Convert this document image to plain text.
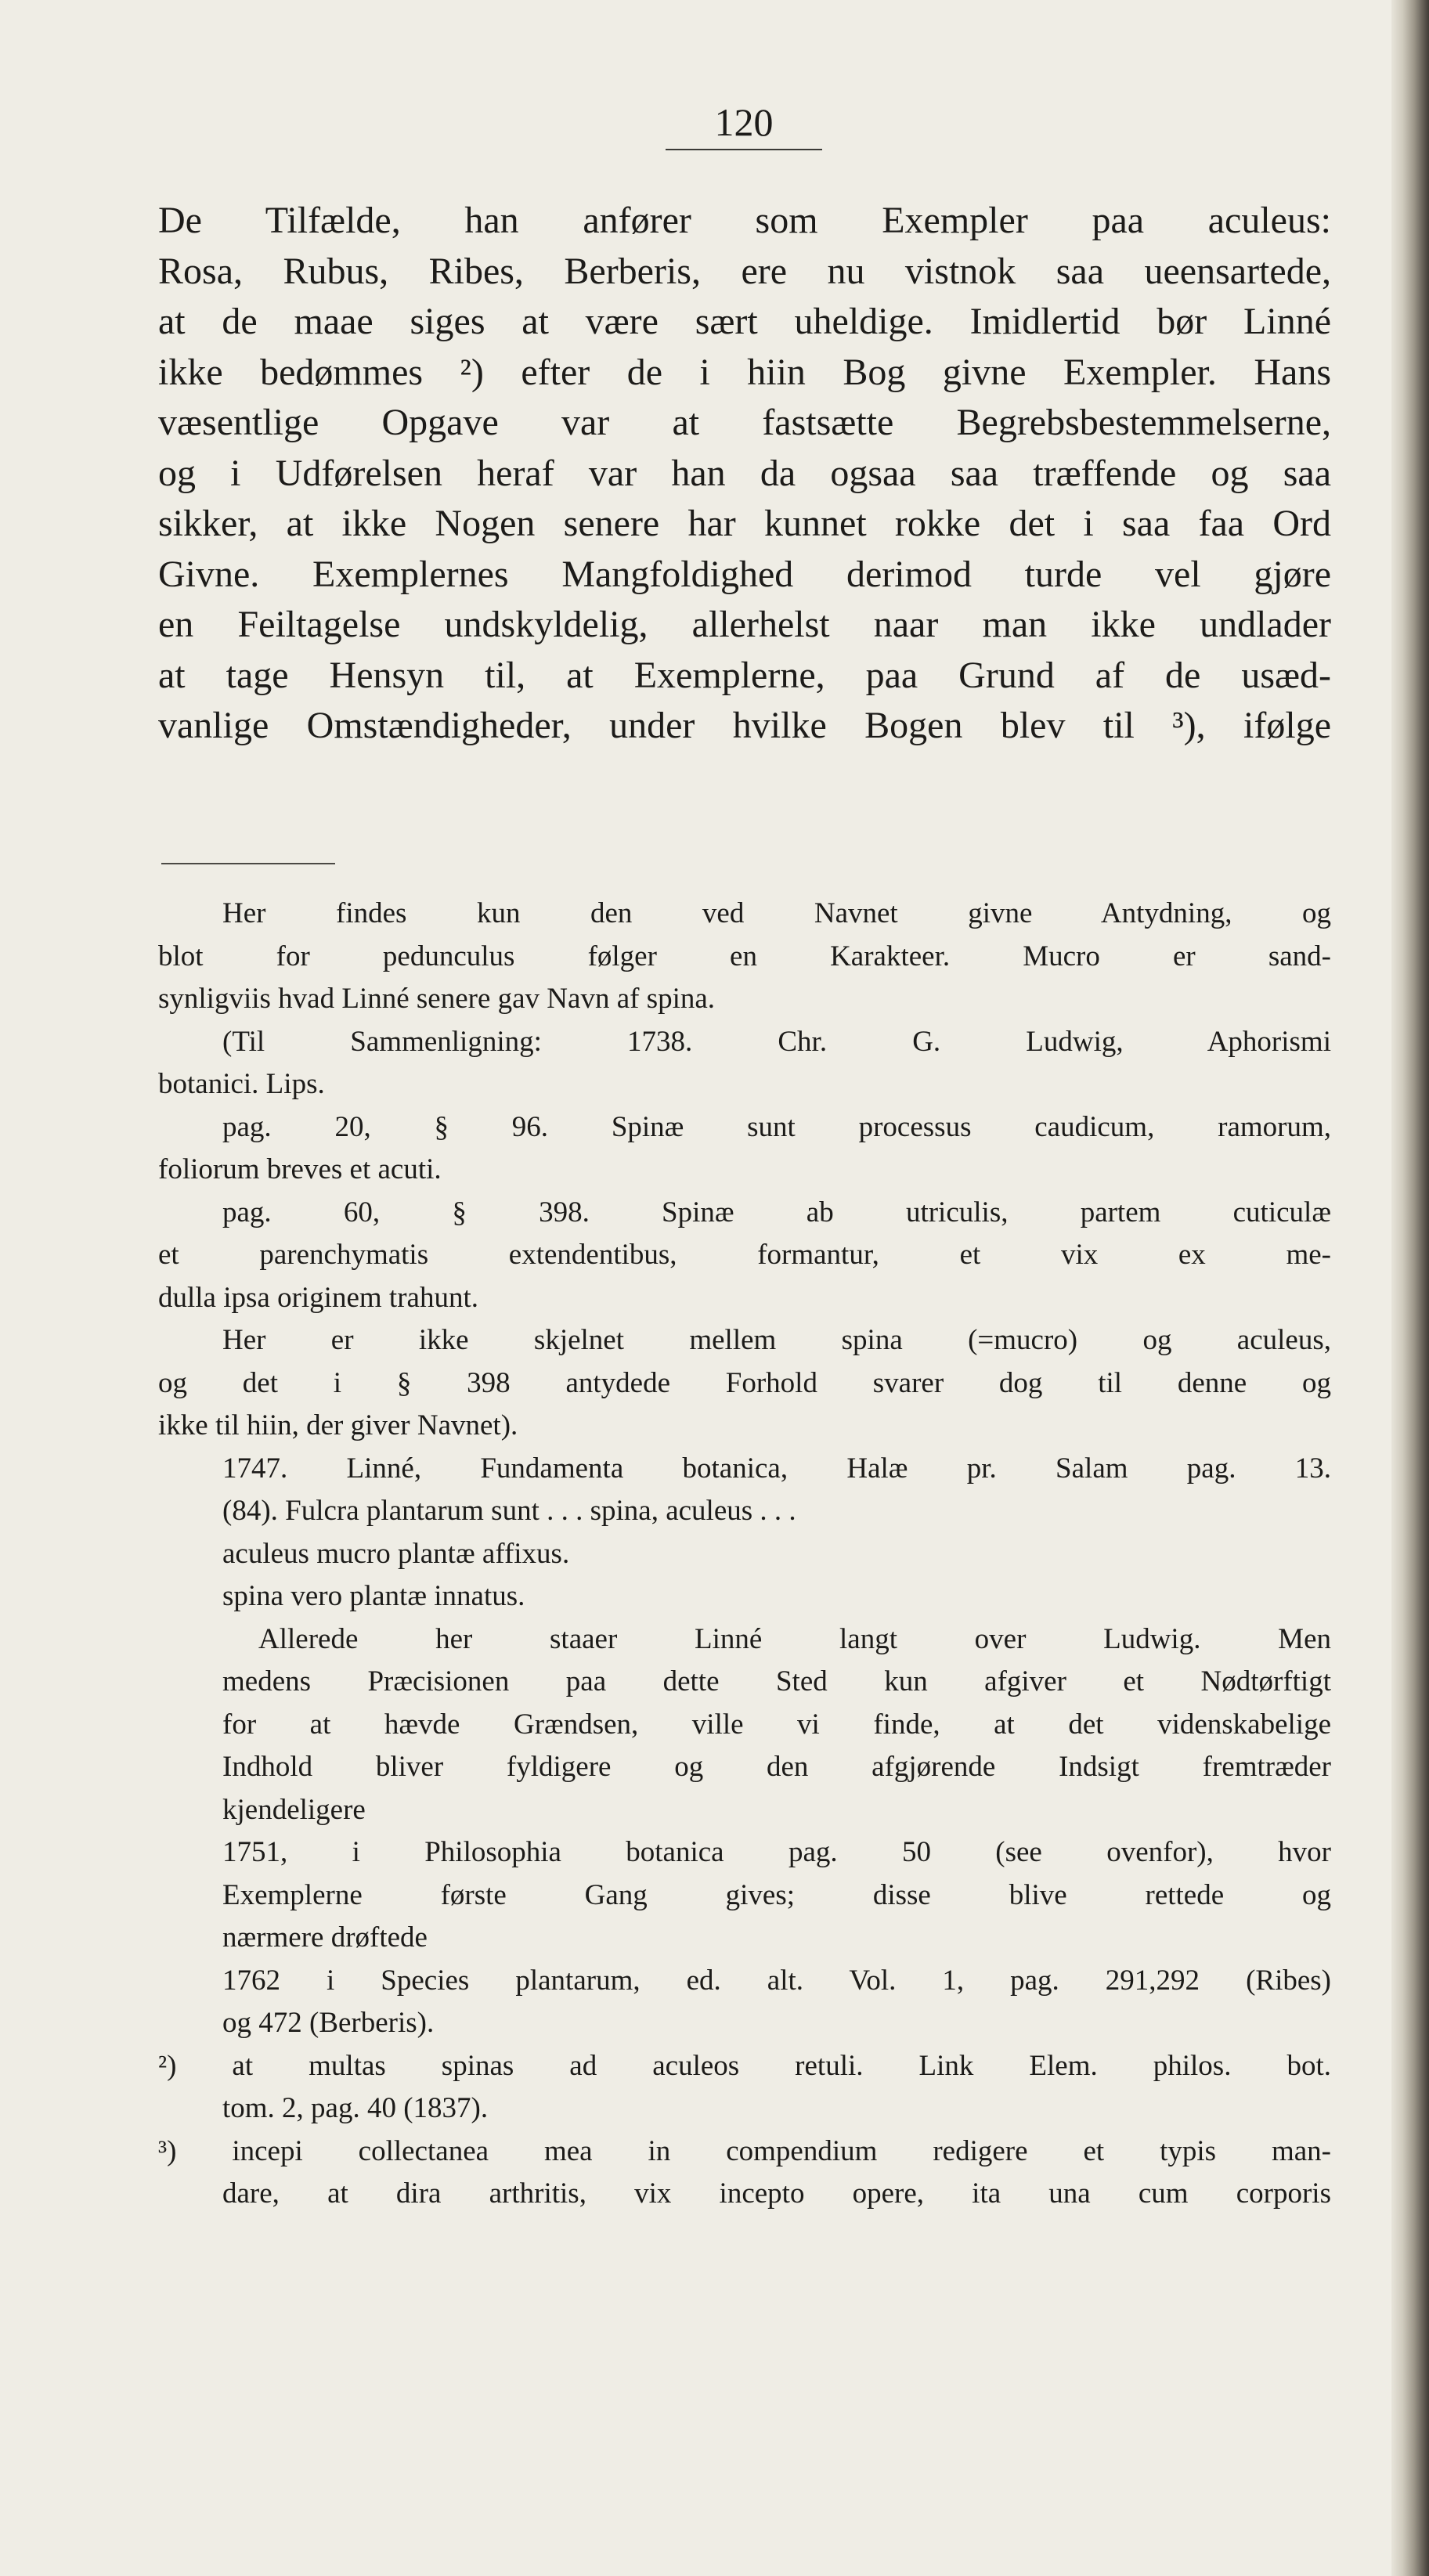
120
De Tilfælde, han anfører som Exempler paa aculeus:
Rosa, Rubus, Ribes, Berberis, ere nu vistnok saa ueensartede,
at de maae siges at være sært uheldige. Imidlertid bør Linné
ikke bedømmes ²) efter de i hiin Bog givne Exempler. Hans
væsentlige Opgave var at fastsætte Begrebsbestemmelserne,
og i Udførelsen heraf var han da ogsaa saa træffende og saa
sikker, at ikke Nogen senere har kunnet rokke det i saa faa Ord
Givne. Exemplernes Mangfoldighed derimod turde vel gjøre
en Feiltagelse undskyldelig, allerhelst naar man ikke undlader
at tage Hensyn til, at Exemplerne, paa Grund af de usæd-
vanlige Omstændigheder, under hvilke Bogen blev til ³), ifølge
Her findes kun den ved Navnet givne Antydning, og
blot for pedunculus følger en Karakteer. Mucro er sand-
synligviis hvad Linné senere gav Navn af spina.
(Til Sammenligning: 1738. Chr. G. Ludwig, Aphorismi
botanici. Lips.
pag. 20, § 96. Spinæ sunt processus caudicum, ramorum,
foliorum breves et acuti.
pag. 60, § 398. Spinæ ab utriculis, partem cuticulæ
et parenchymatis extendentibus, formantur, et vix ex me-
dulla ipsa originem trahunt.
Her er ikke skjelnet mellem spina (=mucro) og aculeus,
og det i § 398 antydede Forhold svarer dog til denne og
ikke til hiin, der giver Navnet).
1747. Linné, Fundamenta botanica, Halæ pr. Salam pag. 13.
(84). Fulcra plantarum sunt . . . spina, aculeus . . .
aculeus mucro plantæ affixus.
spina vero plantæ innatus.
Allerede her staaer Linné langt over Ludwig. Men
medens Præcisionen paa dette Sted kun afgiver et Nødtørftigt
for at hævde Grændsen, ville vi finde, at det videnskabelige
Indhold bliver fyldigere og den afgjørende Indsigt fremtræder
kjendeligere
1751, i Philosophia botanica pag. 50 (see ovenfor), hvor
Exemplerne første Gang gives; disse blive rettede og
nærmere drøftede
1762 i Species plantarum, ed. alt. Vol. 1, pag. 291,292 (Ribes)
og 472 (Berberis).
²) at multas spinas ad aculeos retuli. Link Elem. philos. bot.
tom. 2, pag. 40 (1837).
³) incepi collectanea mea in compendium redigere et typis man-
dare, at dira arthritis, vix incepto opere, ita una cum corporis
